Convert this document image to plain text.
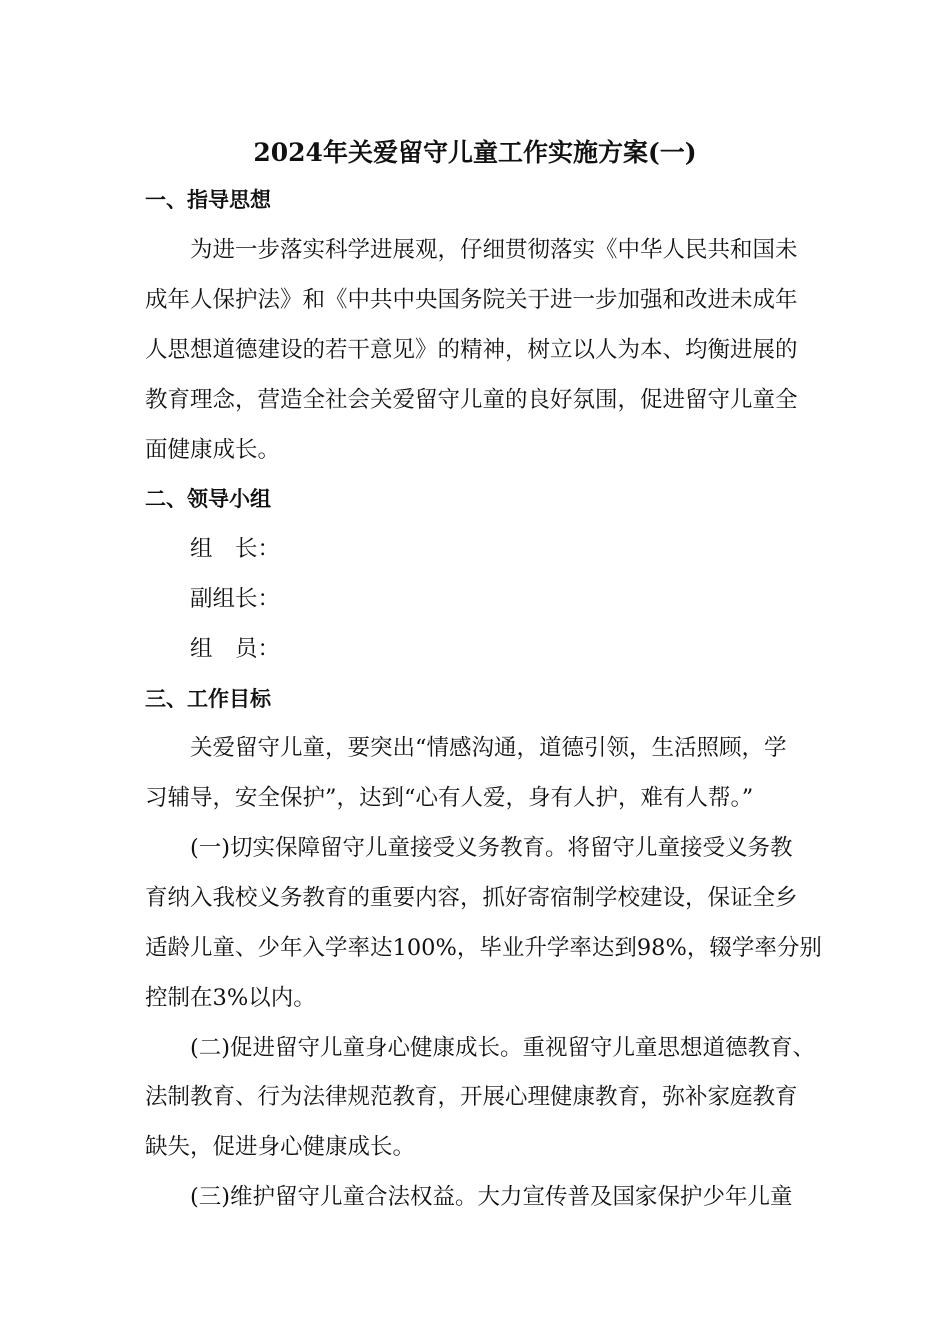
2024年关爱留守儿童工作实施方案(一)
一、指导思想
为进一步落实科学进展观，仔细贯彻落实《中华人民共和国未
成年人保护法》和《中共中央国务院关于进一步加强和改进未成年
人思想道德建设的若干意见》的精神，树立以人为本、均衡进展的
教育理念，营造全社会关爱留守儿童的良好氛围，促进留守儿童全
面健康成长。
二、领导小组
组　长：
副组长：
组　员：
三、工作目标
关爱留守儿童，要突出“情感沟通，道德引领，生活照顾，学
习辅导，安全保护”，达到“心有人爱，身有人护，难有人帮。”
(一)切实保障留守儿童接受义务教育。将留守儿童接受义务教
育纳入我校义务教育的重要内容，抓好寄宿制学校建设，保证全乡
适龄儿童、少年入学率达100%，毕业升学率达到98%，辍学率分别
控制在3%以内。
(二)促进留守儿童身心健康成长。重视留守儿童思想道德教育、
法制教育、行为法律规范教育，开展心理健康教育，弥补家庭教育
缺失，促进身心健康成长。
(三)维护留守儿童合法权益。大力宣传普及国家保护少年儿童
